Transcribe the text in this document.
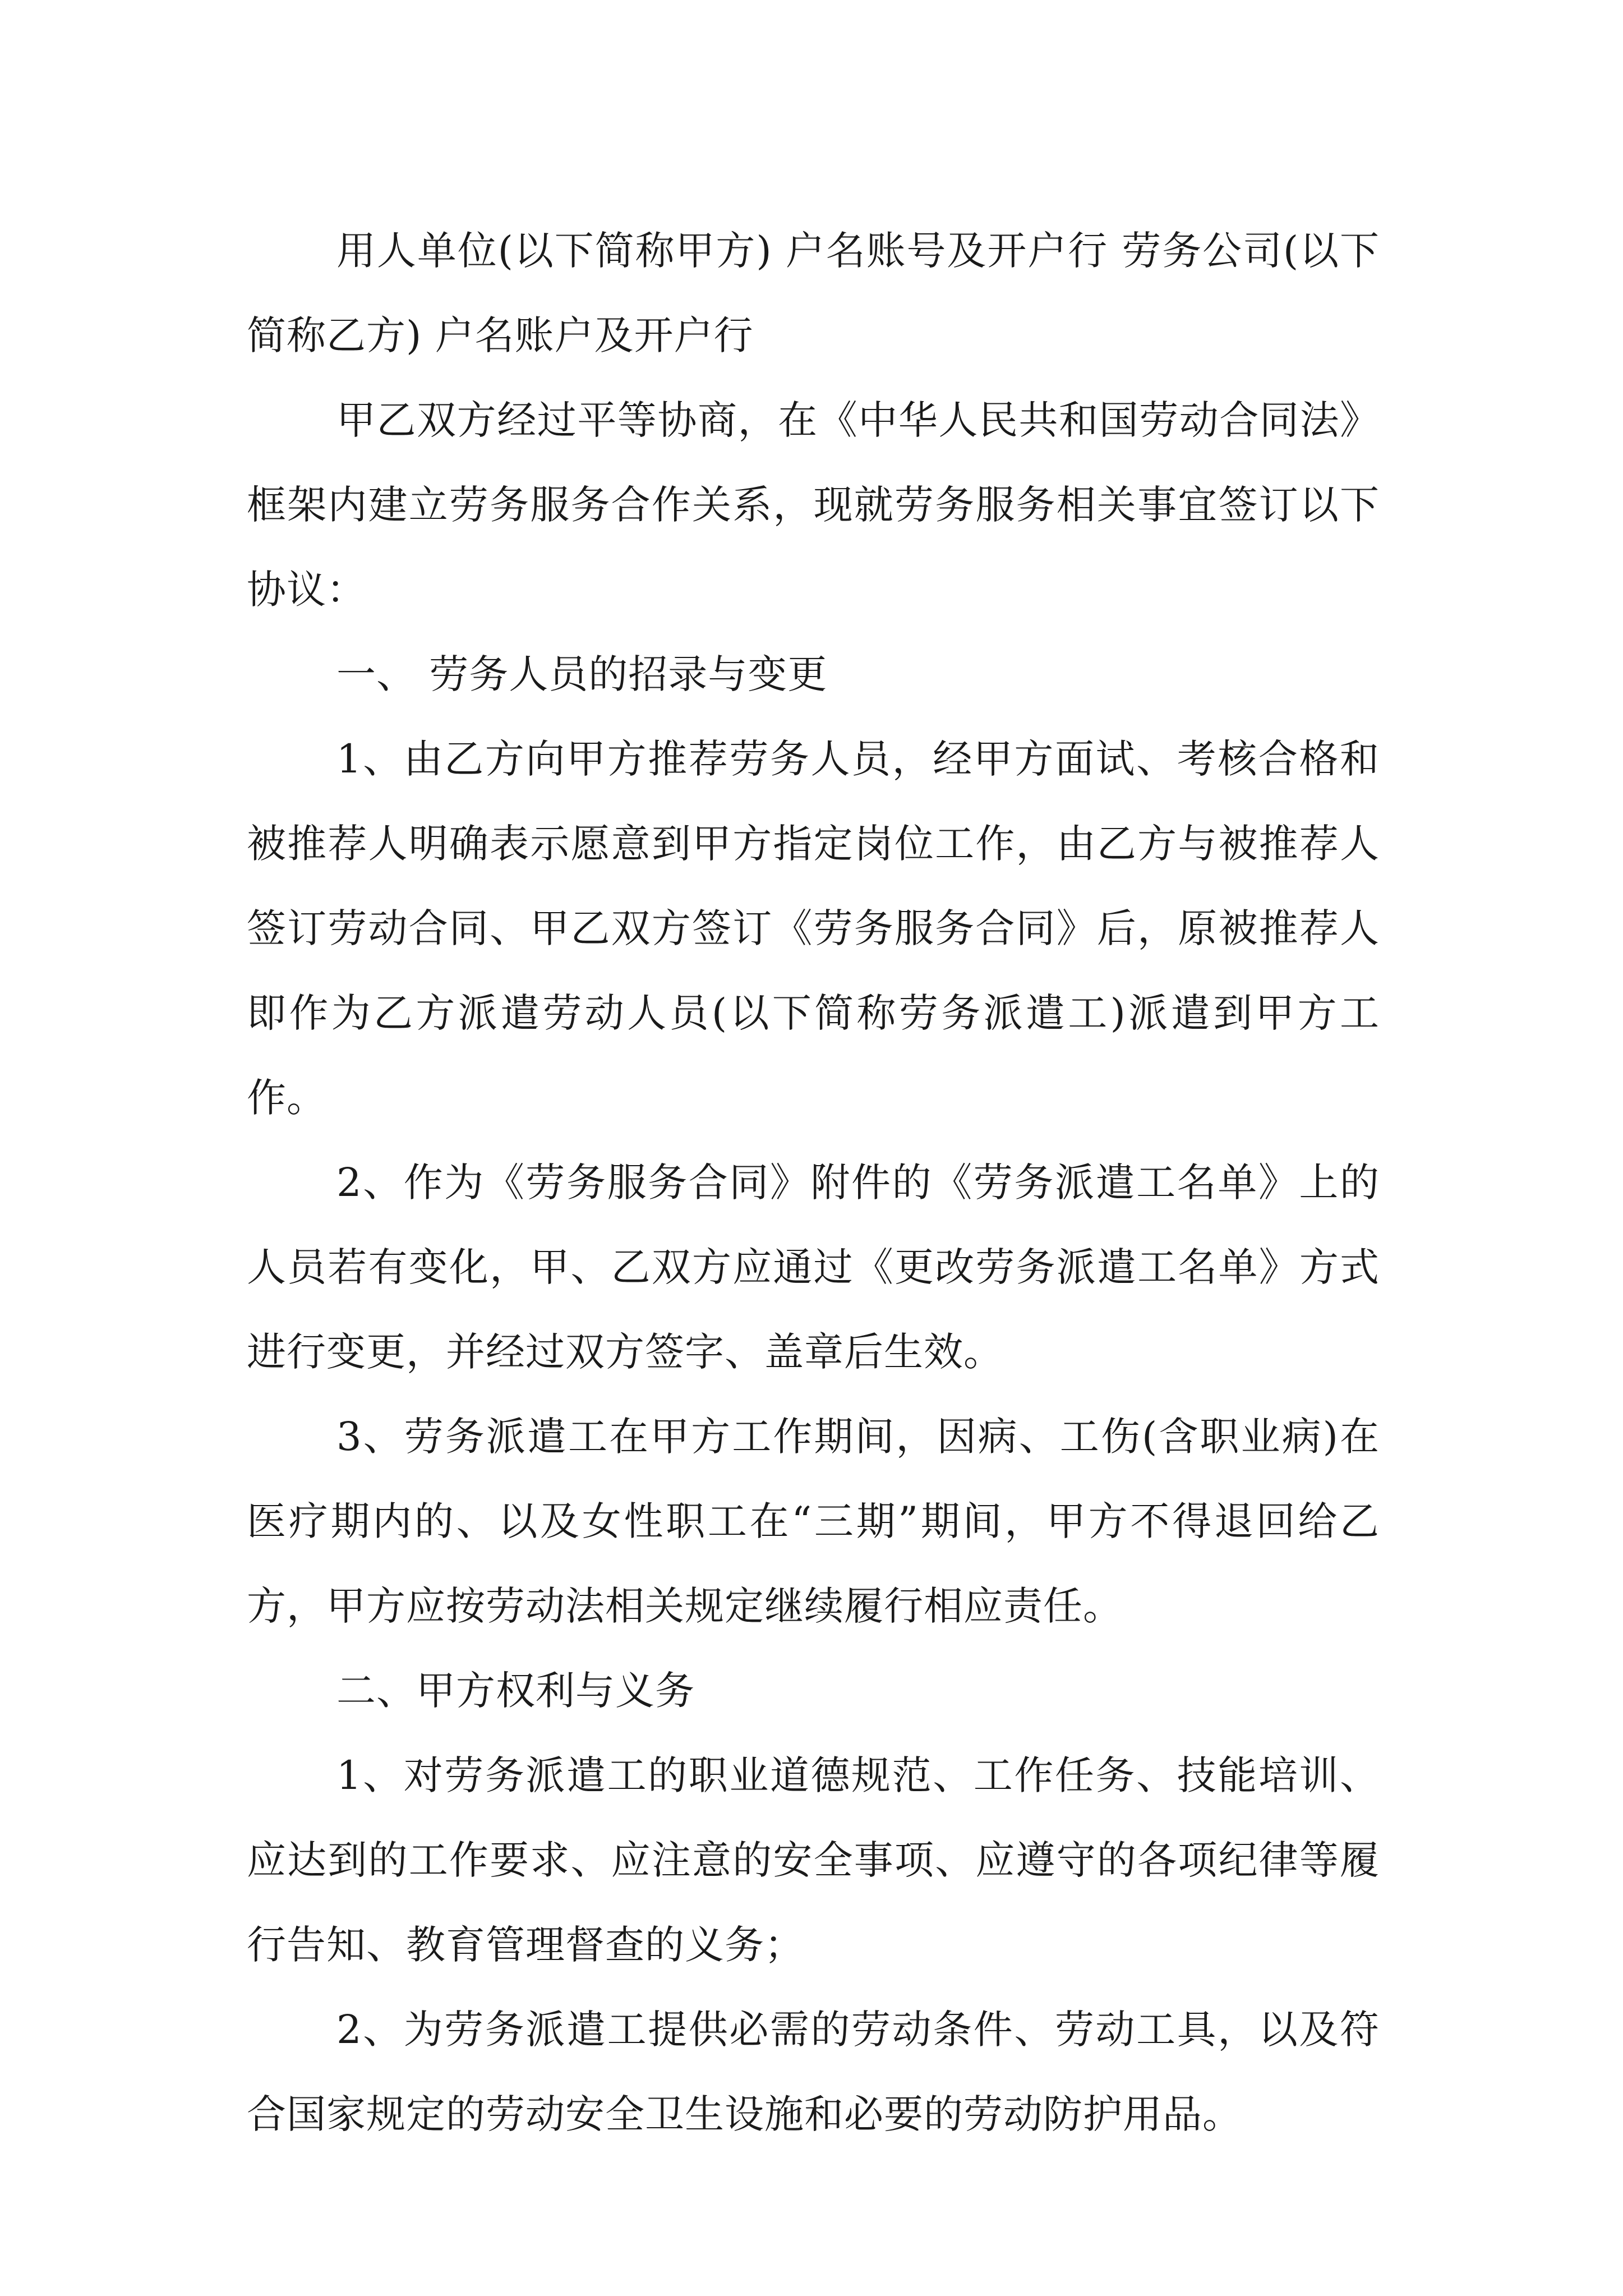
用人单位(以下简称甲方) 户名账号及开户行 劳务公司(以下简称乙方) 户名账户及开户行

甲乙双方经过平等协商，在《中华人民共和国劳动合同法》框架内建立劳务服务合作关系，现就劳务服务相关事宜签订以下协议：

一、 劳务人员的招录与变更

1、由乙方向甲方推荐劳务人员，经甲方面试、考核合格和被推荐人明确表示愿意到甲方指定岗位工作，由乙方与被推荐人签订劳动合同、甲乙双方签订《劳务服务合同》后，原被推荐人即作为乙方派遣劳动人员(以下简称劳务派遣工)派遣到甲方工作。

2、作为《劳务服务合同》附件的《劳务派遣工名单》上的人员若有变化，甲、乙双方应通过《更改劳务派遣工名单》方式进行变更，并经过双方签字、盖章后生效。

3、劳务派遣工在甲方工作期间，因病、工伤(含职业病)在医疗期内的、以及女性职工在“三期”期间，甲方不得退回给乙方，甲方应按劳动法相关规定继续履行相应责任。

二、甲方权利与义务

1、对劳务派遣工的职业道德规范、工作任务、技能培训、应达到的工作要求、应注意的安全事项、应遵守的各项纪律等履行告知、教育管理督查的义务；

2、为劳务派遣工提供必需的劳动条件、劳动工具，以及符合国家规定的劳动安全卫生设施和必要的劳动防护用品。
